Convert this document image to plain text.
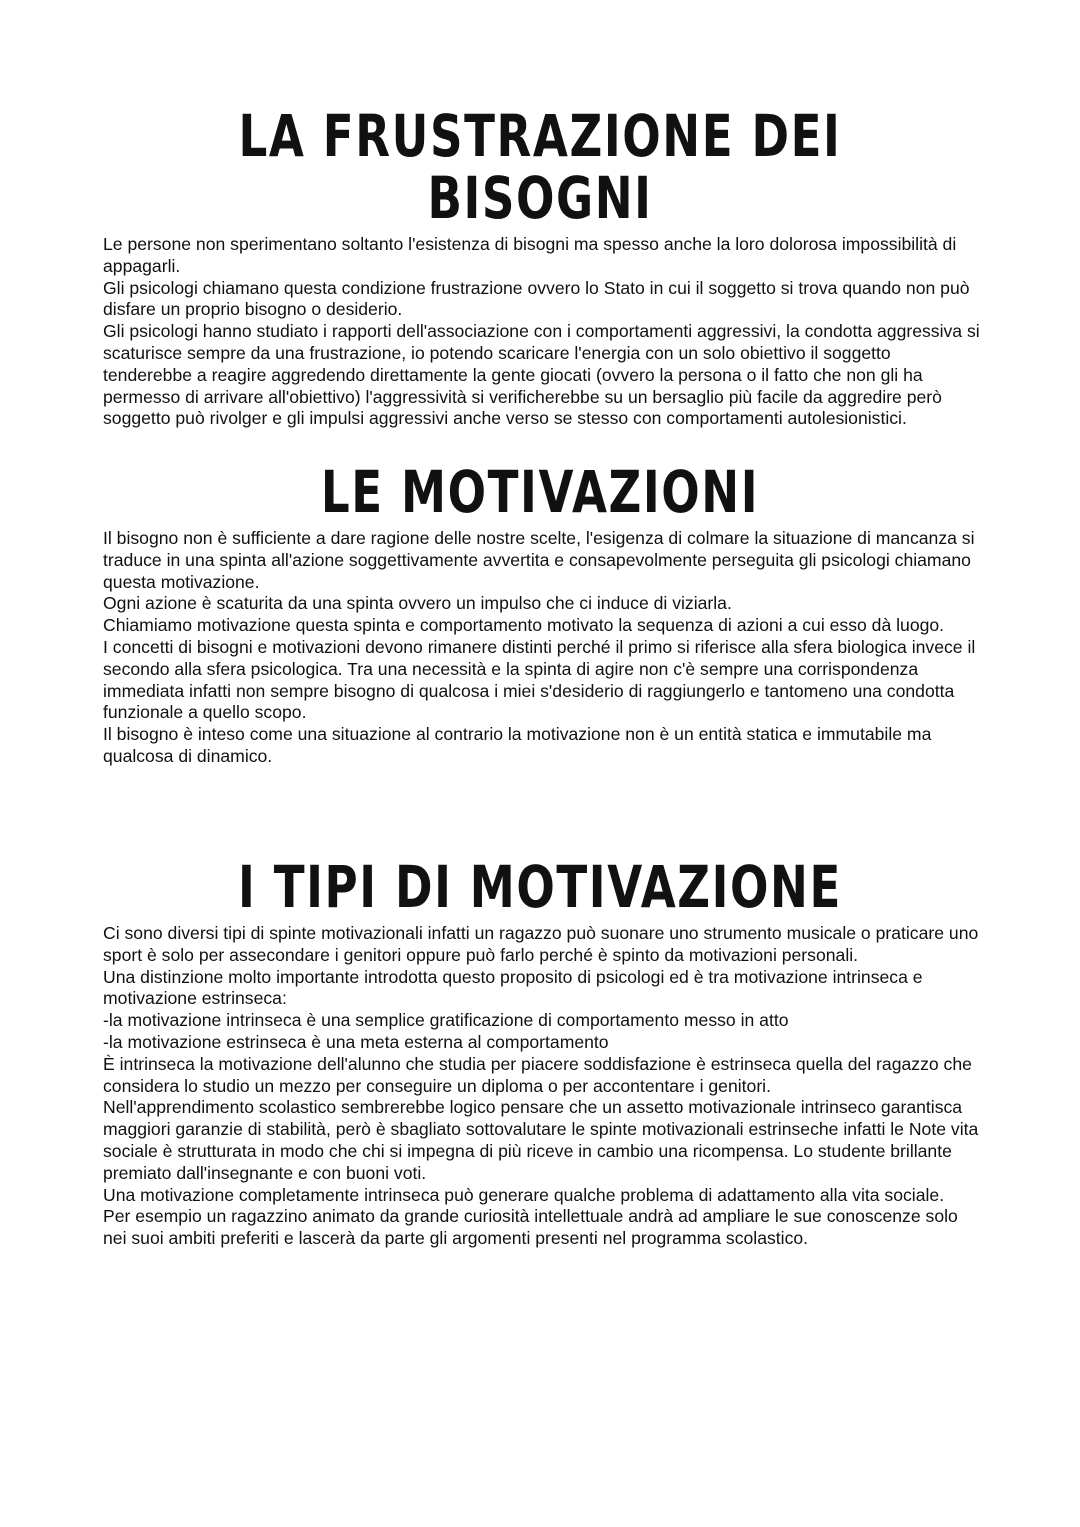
LA FRUSTRAZIONE DEI BISOGNI
Le persone non sperimentano soltanto l'esistenza di bisogni ma spesso anche la loro dolorosa impossibilità di appagarli.
Gli psicologi chiamano questa condizione frustrazione ovvero lo Stato in cui il soggetto si trova quando non può disfare un proprio bisogno o desiderio.
Gli psicologi hanno studiato i rapporti dell'associazione con i comportamenti aggressivi, la condotta aggressiva si scaturisce sempre da una frustrazione, io potendo scaricare l'energia con un solo obiettivo il soggetto tenderebbe a reagire aggredendo direttamente la gente giocati (ovvero la persona o il fatto che non gli ha permesso di arrivare all'obiettivo) l'aggressività si verificherebbe su un bersaglio più facile da aggredire però soggetto può rivolger e gli impulsi aggressivi anche verso se stesso con comportamenti autolesionistici.
LE MOTIVAZIONI
Il bisogno non è sufficiente a dare ragione delle nostre scelte, l'esigenza di colmare la situazione di mancanza si traduce in una spinta all'azione soggettivamente avvertita e consapevolmente perseguita gli psicologi chiamano questa motivazione.
Ogni azione è scaturita da una spinta ovvero un impulso che ci induce di viziarla.
Chiamiamo motivazione questa spinta e comportamento motivato la sequenza di azioni a cui esso dà luogo.
I concetti di bisogni e motivazioni devono rimanere distinti perché il primo si riferisce alla sfera biologica invece il secondo alla sfera psicologica. Tra una necessità e la spinta di agire non c'è sempre una corrispondenza immediata infatti non sempre bisogno di qualcosa i miei s'desiderio di raggiungerlo e tantomeno una condotta funzionale a quello scopo.
Il bisogno è inteso come una situazione al contrario la motivazione non è un entità statica e immutabile ma qualcosa di dinamico.
I TIPI DI MOTIVAZIONE
Ci sono diversi tipi di spinte motivazionali infatti un ragazzo può suonare uno strumento musicale o praticare uno sport è solo per assecondare i genitori oppure può farlo perché è spinto da motivazioni personali.
Una distinzione molto importante introdotta questo proposito di psicologi ed è tra motivazione intrinseca e motivazione estrinseca:
-la motivazione intrinseca è una semplice gratificazione di comportamento messo in atto
-la motivazione estrinseca è una meta esterna al comportamento
È intrinseca la motivazione dell'alunno che studia per piacere soddisfazione è estrinseca quella del ragazzo che considera lo studio un mezzo per conseguire un diploma o per accontentare i genitori.
Nell'apprendimento scolastico sembrerebbe logico pensare che un assetto motivazionale intrinseco garantisca maggiori garanzie di stabilità, però è sbagliato sottovalutare le spinte motivazionali estrinseche infatti le Note vita sociale è strutturata in modo che chi si impegna di più riceve in cambio una ricompensa. Lo studente brillante premiato dall'insegnante e con buoni voti.
Una motivazione completamente intrinseca può generare qualche problema di adattamento alla vita sociale.
Per esempio un ragazzino animato da grande curiosità intellettuale andrà ad ampliare le sue conoscenze solo nei suoi ambiti preferiti e lascerà da parte gli argomenti presenti nel programma scolastico.
